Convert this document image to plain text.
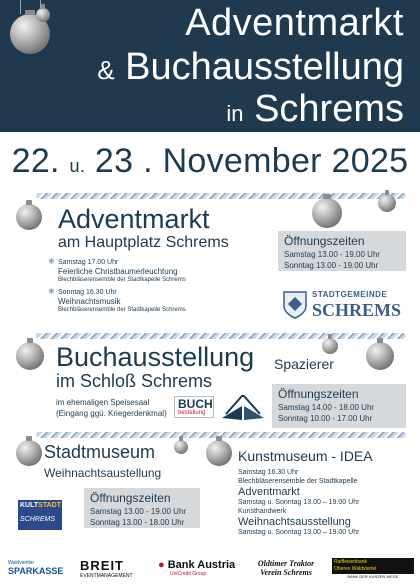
Adventmarkt
& Buchausstellung
in Schrems
22. u. 23 . November 2025
Adventmarkt
am Hauptplatz Schrems
❄ Samstag 17.00 Uhr
Feierliche Christbaumerleuchtung
Blechbläserensemble der Stadtkapelle Schrems
❄ Sonntag 16.30 Uhr
Weihnachtsmusik
Blechbläserensemble der Stadtkapelle Schrems
Öffnungszeiten
Samstag 13.00 - 19.00 Uhr
Sonntag 13.00 - 19.00 Uhr
STADTGEMEINDE
SCHREMS
Buchausstellung Spazierer
im Schloß Schrems
im ehemaligen Speisesaal
(Eingang ggü. Kriegerdenkmal)
BUCH
bestellung
Öffnungszeiten
Samstag 14.00 - 18.00 Uhr
Sonntag 10.00 - 17.00 Uhr
Stadtmuseum
Weihnachtsaustellung
Öffnungszeiten
Samstag 13.00 - 19.00 Uhr
Sonntag 13.00 - 18.00 Uhr
KULTSTADT
SCHREMS
Kunstmuseum - IDEA
Samstag 16.30 Uhr
Blechbläserensemble der Stadtkapelle
Adventmarkt
Samstag u. Sonntag 13.00 – 19.00 Uhr
Kunsthandwerk
Weihnachtsausstellung
Samstag u. Sonntag 13.00 – 19.00 Uhr
Waldviertler
SPARKASSE BREIT
EVENTMANAGEMENT
● Bank Austria
UniCredit Group
Oldtimer Traktor
Verein Schrems
Raiffeisenbank
Oberes Waldviertel
BANK DER KURZEN WEGE
